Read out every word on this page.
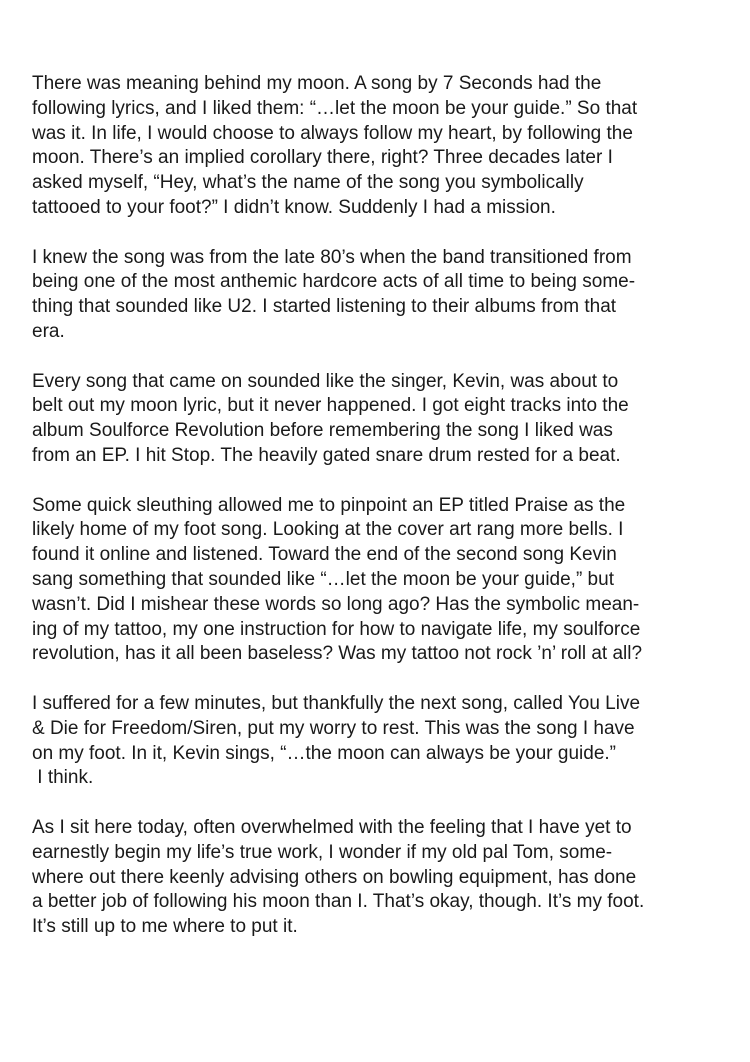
There was meaning behind my moon. A song by 7 Seconds had the
following lyrics, and I liked them: “…let the moon be your guide.” So that
was it. In life, I would choose to always follow my heart, by following the
moon. There’s an implied corollary there, right? Three decades later I
asked myself, “Hey, what’s the name of the song you symbolically
tattooed to your foot?” I didn’t know. Suddenly I had a mission.
I knew the song was from the late 80’s when the band transitioned from
being one of the most anthemic hardcore acts of all time to being some-
thing that sounded like U2. I started listening to their albums from that
era.
Every song that came on sounded like the singer, Kevin, was about to
belt out my moon lyric, but it never happened. I got eight tracks into the
album Soulforce Revolution before remembering the song I liked was
from an EP. I hit Stop. The heavily gated snare drum rested for a beat.
Some quick sleuthing allowed me to pinpoint an EP titled Praise as the
likely home of my foot song. Looking at the cover art rang more bells. I
found it online and listened. Toward the end of the second song Kevin
sang something that sounded like “…let the moon be your guide,” but
wasn’t. Did I mishear these words so long ago? Has the symbolic mean-
ing of my tattoo, my one instruction for how to navigate life, my soulforce
revolution, has it all been baseless? Was my tattoo not rock ’n’ roll at all?
I suffered for a few minutes, but thankfully the next song, called You Live
& Die for Freedom/Siren, put my worry to rest. This was the song I have
on my foot. In it, Kevin sings, “…the moon can always be your guide.”
I think.
As I sit here today, often overwhelmed with the feeling that I have yet to
earnestly begin my life’s true work, I wonder if my old pal Tom, some-
where out there keenly advising others on bowling equipment, has done
a better job of following his moon than I. That’s okay, though. It’s my foot.
It’s still up to me where to put it.
